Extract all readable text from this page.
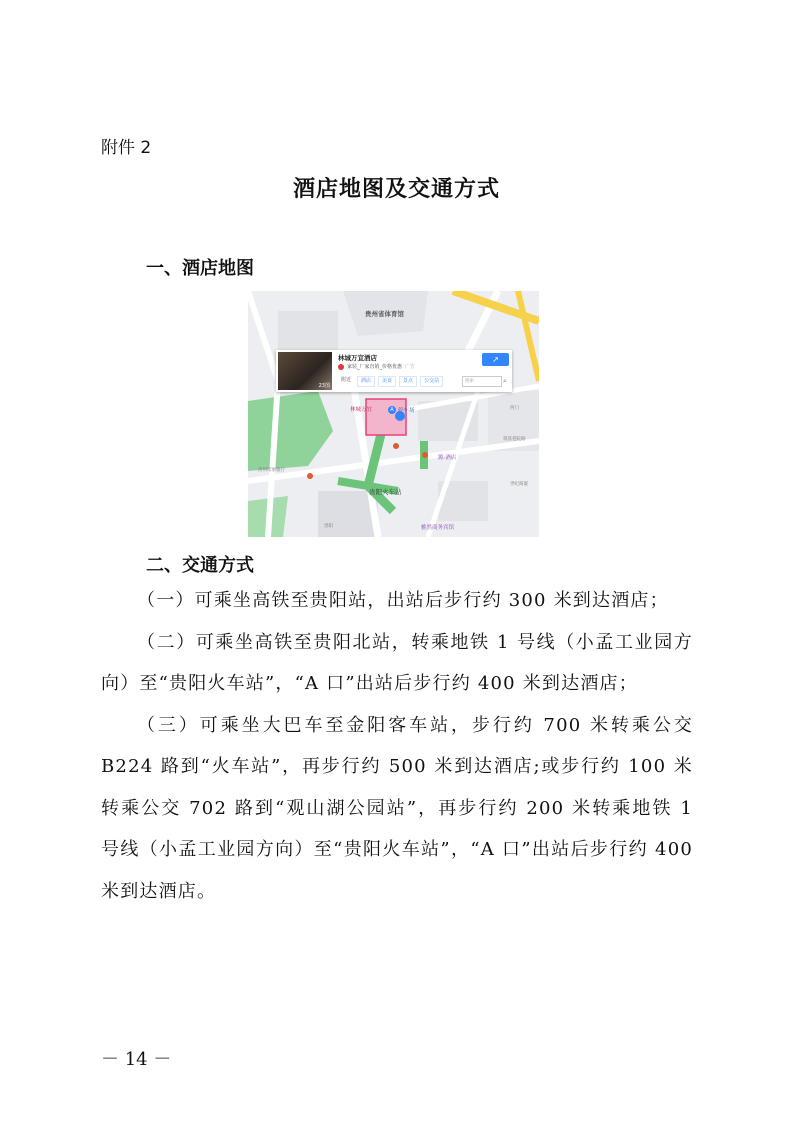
附件 2
酒店地图及交通方式
一、酒店地图
贵州省体育馆
林城万宜	A 停车场
贵阳火车站
源·酒店
雅然商务宾馆
贵州印象银行
西门
筑基巷院路
贵阳
世纪商厦
23图
林城万宜酒店	↗
家装_厂家直销_价格优惠 广告
附近	酒店	美食	景点	公交站	搜索	⌕
二、交通方式

（一）可乘坐高铁至贵阳站，出站后步行约 300 米到达酒店；

（二）可乘坐高铁至贵阳北站，转乘地铁 1 号线（小孟工业园方向）至“贵阳火车站”，“A 口”出站后步行约 400 米到达酒店；

（三）可乘坐大巴车至金阳客车站，步行约 700 米转乘公交 B224 路到“火车站”，再步行约 500 米到达酒店;或步行约 100 米转乘公交 702 路到“观山湖公园站”，再步行约 200 米转乘地铁 1 号线（小孟工业园方向）至“贵阳火车站”，“A 口”出站后步行约 400 米到达酒店。

－ 14 －
